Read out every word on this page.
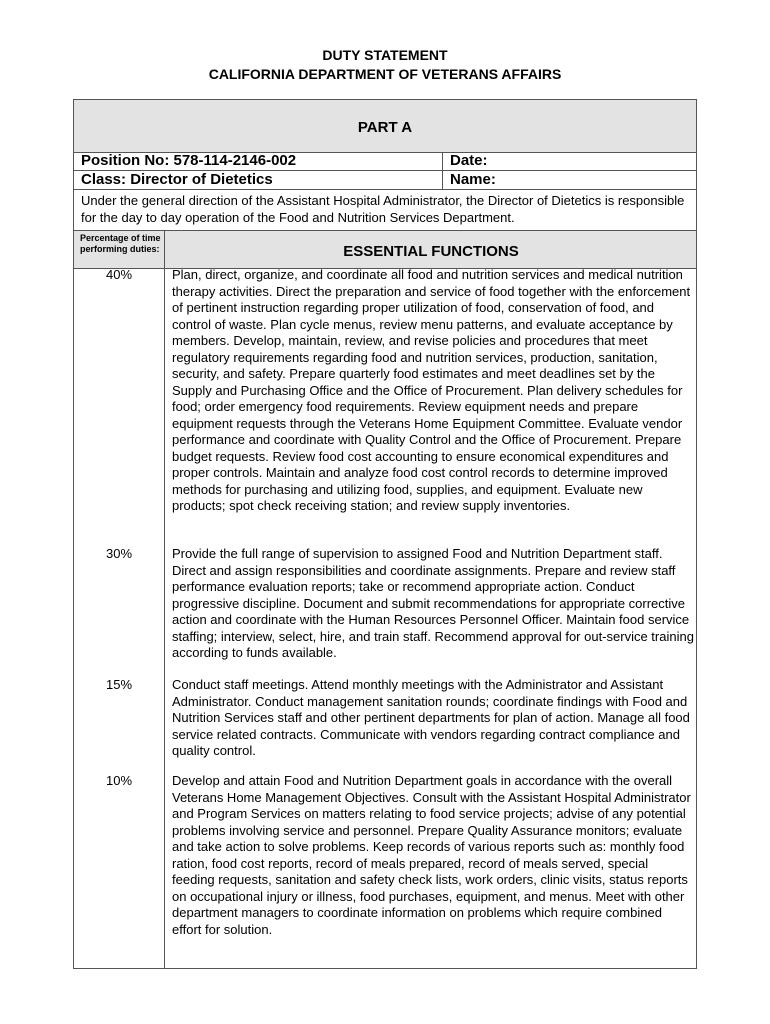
DUTY STATEMENT
CALIFORNIA DEPARTMENT OF VETERANS AFFAIRS
PART A
Position No: 578-114-2146-002	Date:
Class: Director of Dietetics	Name:
Under the general direction of the Assistant Hospital Administrator, the Director of Dietetics is responsible for the day to day operation of the Food and Nutrition Services Department.
Percentage of time performing duties:	ESSENTIAL FUNCTIONS
40%	Plan, direct, organize, and coordinate all food and nutrition services and medical nutrition therapy activities. Direct the preparation and service of food together with the enforcement of pertinent instruction regarding proper utilization of food, conservation of food, and control of waste. Plan cycle menus, review menu patterns, and evaluate acceptance by members. Develop, maintain, review, and revise policies and procedures that meet regulatory requirements regarding food and nutrition services, production, sanitation, security, and safety. Prepare quarterly food estimates and meet deadlines set by the Supply and Purchasing Office and the Office of Procurement. Plan delivery schedules for food; order emergency food requirements. Review equipment needs and prepare equipment requests through the Veterans Home Equipment Committee. Evaluate vendor performance and coordinate with Quality Control and the Office of Procurement. Prepare budget requests. Review food cost accounting to ensure economical expenditures and proper controls. Maintain and analyze food cost control records to determine improved methods for purchasing and utilizing food, supplies, and equipment. Evaluate new products; spot check receiving station; and review supply inventories.
30%	Provide the full range of supervision to assigned Food and Nutrition Department staff. Direct and assign responsibilities and coordinate assignments. Prepare and review staff performance evaluation reports; take or recommend appropriate action. Conduct progressive discipline. Document and submit recommendations for appropriate corrective action and coordinate with the Human Resources Personnel Officer. Maintain food service staffing; interview, select, hire, and train staff. Recommend approval for out-service training according to funds available.
15%	Conduct staff meetings. Attend monthly meetings with the Administrator and Assistant Administrator. Conduct management sanitation rounds; coordinate findings with Food and Nutrition Services staff and other pertinent departments for plan of action. Manage all food service related contracts. Communicate with vendors regarding contract compliance and quality control.
10%	Develop and attain Food and Nutrition Department goals in accordance with the overall Veterans Home Management Objectives. Consult with the Assistant Hospital Administrator and Program Services on matters relating to food service projects; advise of any potential problems involving service and personnel. Prepare Quality Assurance monitors; evaluate and take action to solve problems. Keep records of various reports such as: monthly food ration, food cost reports, record of meals prepared, record of meals served, special feeding requests, sanitation and safety check lists, work orders, clinic visits, status reports on occupational injury or illness, food purchases, equipment, and menus. Meet with other department managers to coordinate information on problems which require combined effort for solution.
